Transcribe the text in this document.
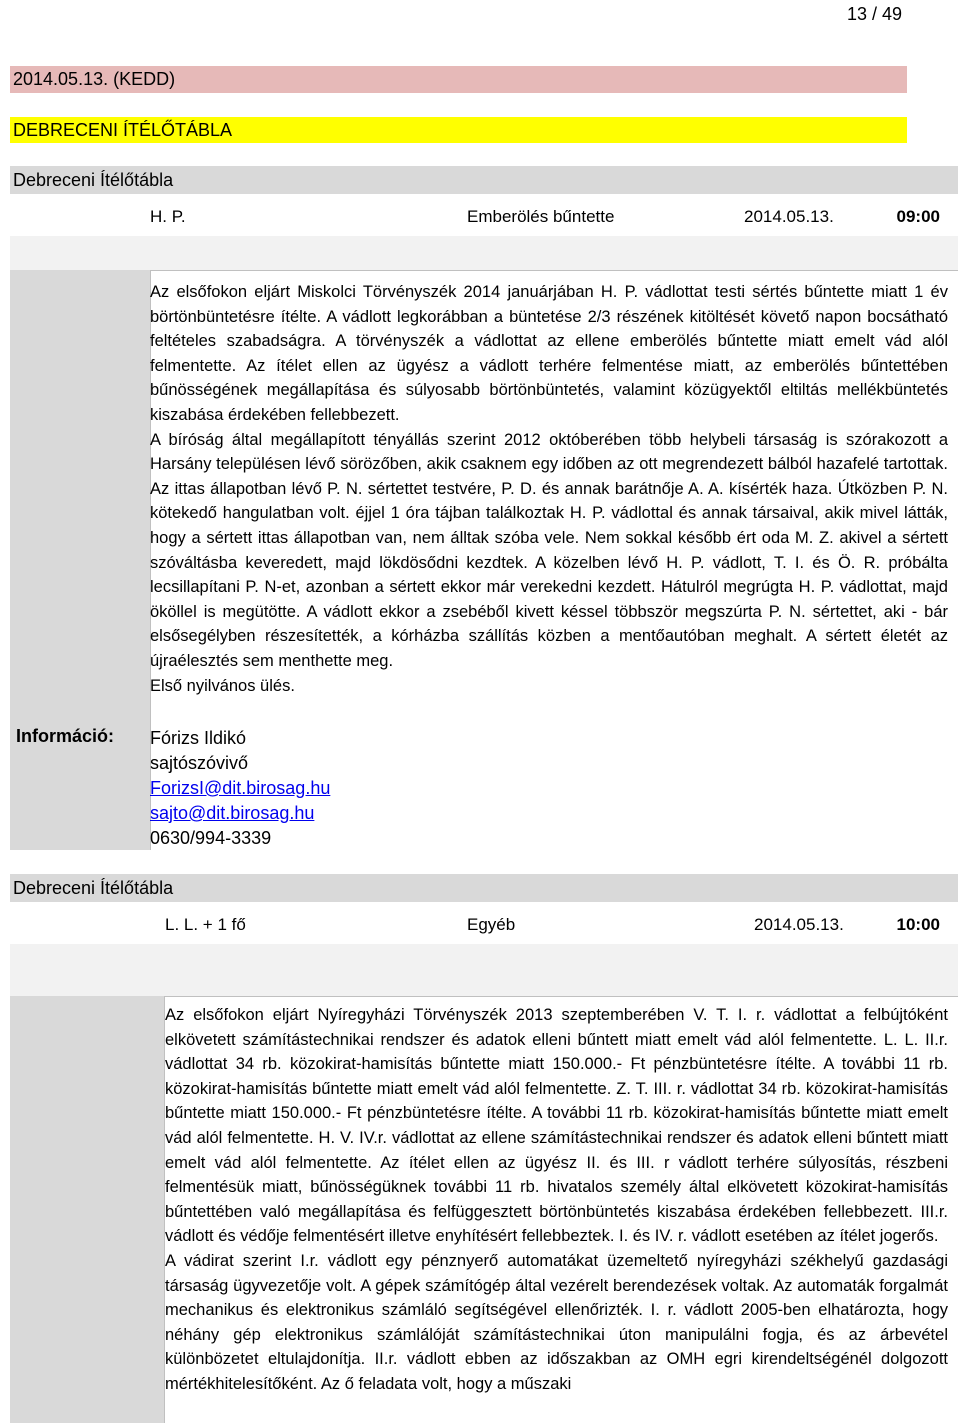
13 / 49
2014.05.13. (KEDD)
DEBRECENI ÍTÉLŐTÁBLA
Debreceni Ítélőtábla
H. P.	Emberölés bűntette	2014.05.13.	09:00
Információ:

Az elsőfokon eljárt Miskolci Törvényszék 2014 januárjában H. P. vádlottat testi sértés bűntette miatt 1 év börtönbüntetésre ítélte. A vádlott legkorábban a büntetése 2/3 részének kitöltését követő napon bocsátható feltételes szabadságra. A törvényszék a vádlottat az ellene emberölés bűntette miatt emelt vád alól felmentette. Az ítélet ellen az ügyész a vádlott terhére felmentése miatt, az emberölés bűntettében bűnösségének megállapítása és súlyosabb börtönbüntetés, valamint közügyektől eltiltás mellékbüntetés kiszabása érdekében fellebbezett.

A bíróság által megállapított tényállás szerint 2012 októberében több helybeli társaság is szórakozott a Harsány településen lévő sörözőben, akik csaknem egy időben az ott megrendezett bálból hazafelé tartottak. Az ittas állapotban lévő P. N. sértettet testvére, P. D. és annak barátnője A. A. kísérték haza. Útközben P. N. kötekedő hangulatban volt. éjjel 1 óra tájban találkoztak H. P. vádlottal és annak társaival, akik mivel látták, hogy a sértett ittas állapotban van, nem álltak szóba vele. Nem sokkal később ért oda M. Z. akivel a sértett szóváltásba keveredett, majd lökdösődni kezdtek. A közelben lévő H. P. vádlott, T. I. és Ö. R. próbálta lecsillapítani P. N-et, azonban a sértett ekkor már verekedni kezdett. Hátulról megrúgta H. P. vádlottat, majd ököllel is megütötte. A vádlott ekkor a zsebéből kivett késsel többször megszúrta P. N. sértettet, aki - bár elsősegélyben részesítették, a kórházba szállítás közben a mentőautóban meghalt. A sértett életét az újraélesztés sem menthette meg.

Első nyilvános ülés.

Fórizs Ildikó
sajtószóvivő
ForizsI@dit.birosag.hu
sajto@dit.birosag.hu
0630/994-3339
Debreceni Ítélőtábla
L. L. + 1 fő	Egyéb	2014.05.13.	10:00

Az elsőfokon eljárt Nyíregyházi Törvényszék 2013 szeptemberében V. T. I. r. vádlottat a felbújtóként elkövetett számítástechnikai rendszer és adatok elleni bűntett miatt emelt vád alól felmentette. L. L. II.r. vádlottat 34 rb. közokirat-hamisítás bűntette miatt 150.000.- Ft pénzbüntetésre ítélte. A további 11 rb. közokirat-hamisítás bűntette miatt emelt vád alól felmentette. Z. T. III. r. vádlottat 34 rb. közokirat-hamisítás bűntette miatt 150.000.- Ft pénzbüntetésre ítélte. A további 11 rb. közokirat-hamisítás bűntette miatt emelt vád alól felmentette. H. V. IV.r. vádlottat az ellene számítástechnikai rendszer és adatok elleni bűntett miatt emelt vád alól felmentette. Az ítélet ellen az ügyész II. és III. r vádlott terhére súlyosítás, részbeni felmentésük miatt, bűnösségüknek további 11 rb. hivatalos személy által elkövetett közokirat-hamisítás bűntettében való megállapítása és felfüggesztett börtönbüntetés kiszabása érdekében fellebbezett. III.r. vádlott és védője felmentésért illetve enyhítésért fellebbeztek. I. és IV. r. vádlott esetében az ítélet jogerős.

A vádirat szerint I.r. vádlott egy pénznyerő automatákat üzemeltető nyíregyházi székhelyű gazdasági társaság ügyvezetője volt. A gépek számítógép által vezérelt berendezések voltak. Az automaták forgalmát mechanikus és elektronikus számláló segítségével ellenőrizték. I. r. vádlott 2005-ben elhatározta, hogy néhány gép elektronikus számlálóját számítástechnikai úton manipulálni fogja, és az árbevétel különbözetet eltulajdonítja. II.r. vádlott ebben az időszakban az OMH egri kirendeltségénél dolgozott mértékhitelesítőként. Az ő feladata volt, hogy a műszaki
